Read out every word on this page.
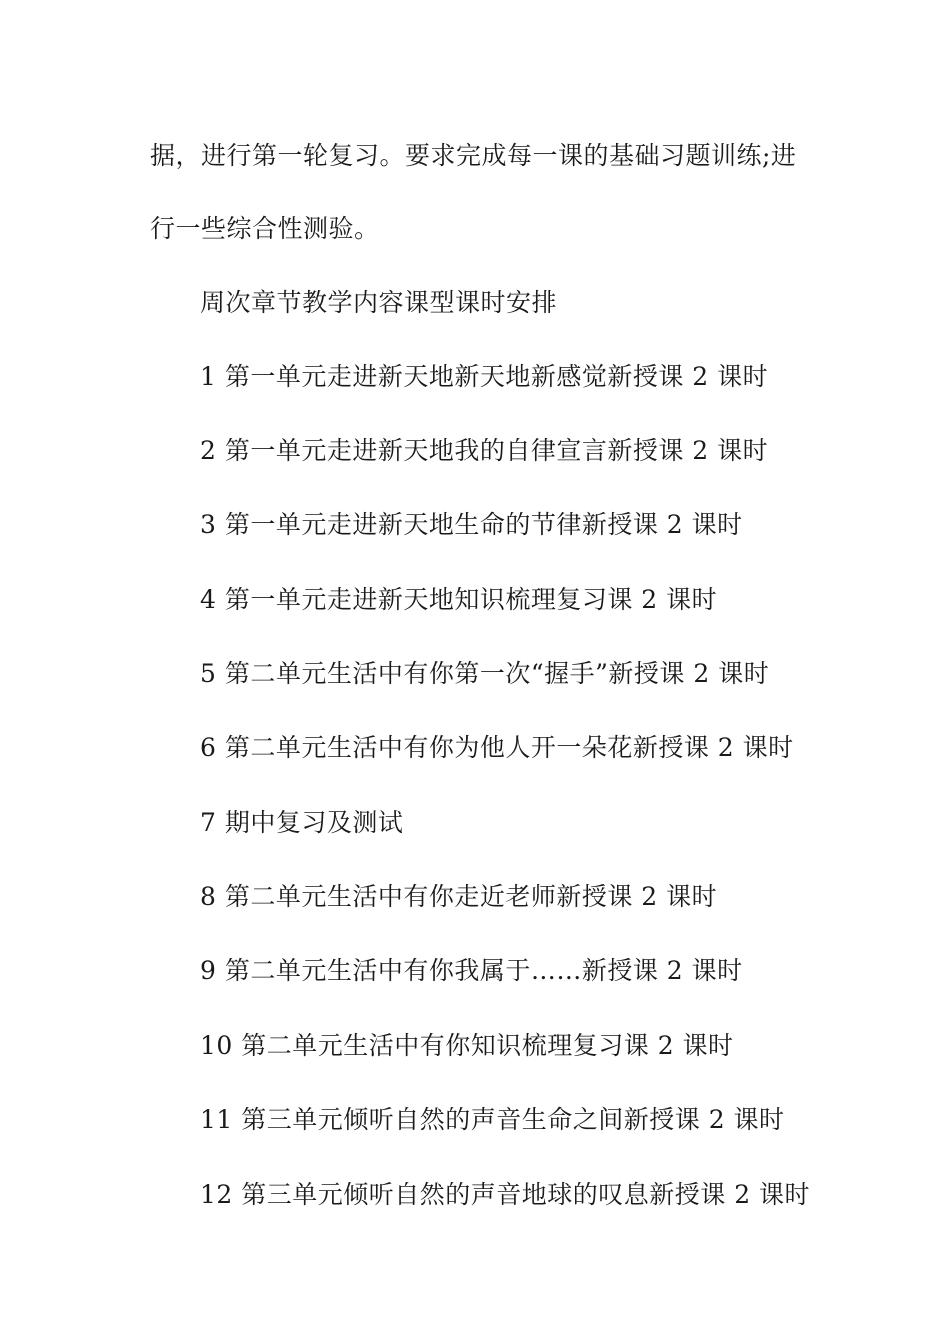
据，进行第一轮复习。要求完成每一课的基础习题训练;进
行一些综合性测验。
周次章节教学内容课型课时安排
1 第一单元走进新天地新天地新感觉新授课 2 课时
2 第一单元走进新天地我的自律宣言新授课 2 课时
3 第一单元走进新天地生命的节律新授课 2 课时
4 第一单元走进新天地知识梳理复习课 2 课时
5 第二单元生活中有你第一次“握手”新授课 2 课时
6 第二单元生活中有你为他人开一朵花新授课 2 课时
7 期中复习及测试
8 第二单元生活中有你走近老师新授课 2 课时
9 第二单元生活中有你我属于……新授课 2 课时
10 第二单元生活中有你知识梳理复习课 2 课时
11 第三单元倾听自然的声音生命之间新授课 2 课时
12 第三单元倾听自然的声音地球的叹息新授课 2 课时
